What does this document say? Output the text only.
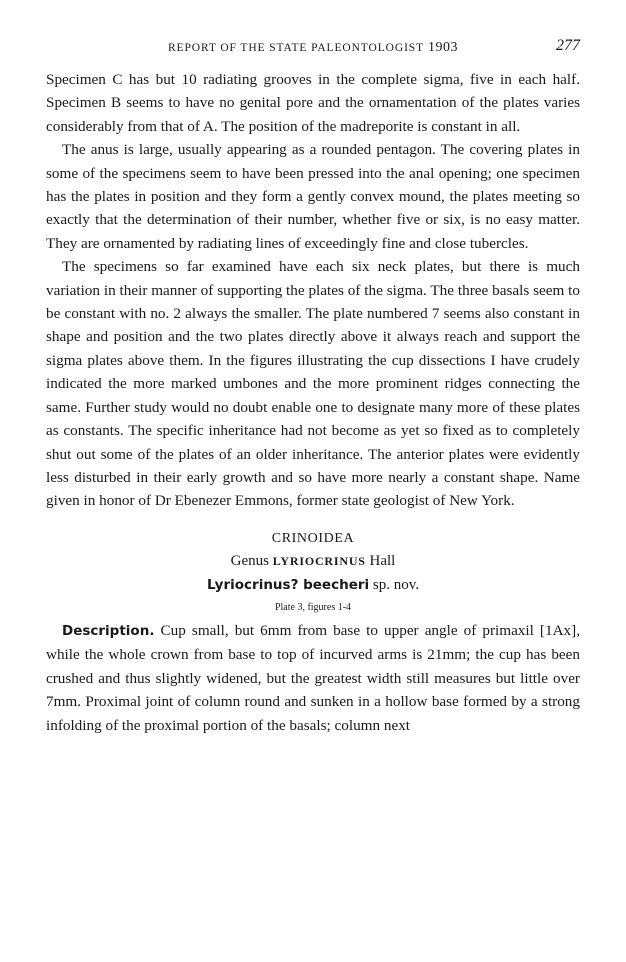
REPORT OF THE STATE PALEONTOLOGIST 1903	277

Specimen C has but 10 radiating grooves in the complete sigma, five in each half. Specimen B seems to have no genital pore and the ornamentation of the plates varies considerably from that of A. The position of the madreporite is constant in all.

The anus is large, usually appearing as a rounded pentagon. The covering plates in some of the specimens seem to have been pressed into the anal opening; one specimen has the plates in position and they form a gently convex mound, the plates meeting so exactly that the determination of their number, whether five or six, is no easy matter. They are ornamented by radiating lines of exceedingly fine and close tubercles.

The specimens so far examined have each six neck plates, but there is much variation in their manner of supporting the plates of the sigma. The three basals seem to be constant with no. 2 always the smaller. The plate numbered 7 seems also constant in shape and position and the two plates directly above it always reach and support the sigma plates above them. In the figures illustrating the cup dissections I have crudely indicated the more marked umbones and the more prominent ridges connecting the same. Further study would no doubt enable one to designate many more of these plates as constants. The specific inheritance had not become as yet so fixed as to completely shut out some of the plates of an older inheritance. The anterior plates were evidently less disturbed in their early growth and so have more nearly a constant shape. Name given in honor of Dr Ebenezer Emmons, former state geologist of New York.

CRINOIDEA
Genus LYRIOCRINUS Hall
Lyriocrinus? beecheri sp. nov.
Plate 3, figures 1-4

Description. Cup small, but 6mm from base to upper angle of primaxil [1Ax], while the whole crown from base to top of incurved arms is 21mm; the cup has been crushed and thus slightly widened, but the greatest width still measures but little over 7mm. Proximal joint of column round and sunken in a hollow base formed by a strong infolding of the proximal portion of the basals; column next
